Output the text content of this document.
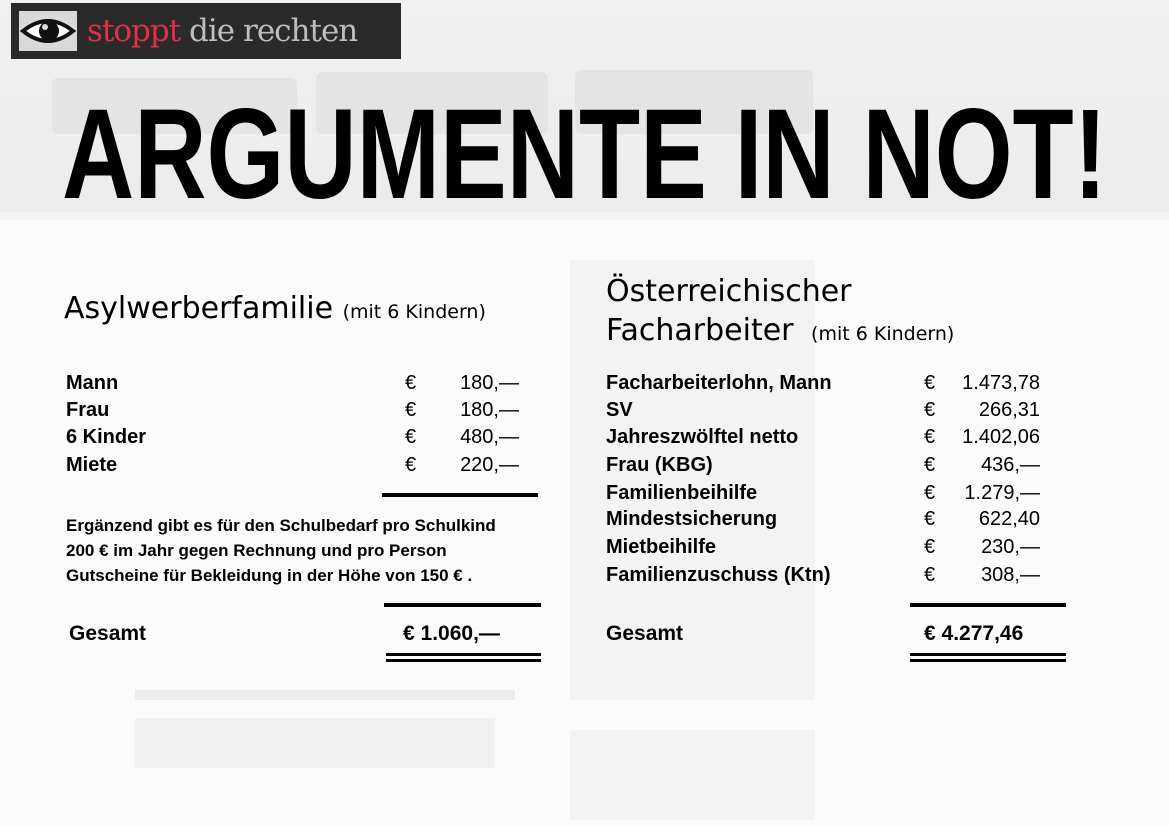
stoppt die rechten
ARGUMENTE IN NOT!
Asylwerberfamilie (mit 6 Kindern)
Mann
Frau
6 Kinder
Miete
€ 180,—
€ 180,—
€ 480,—
€ 220,—
Ergänzend gibt es für den Schulbedarf pro Schulkind
200 € im Jahr gegen Rechnung und pro Person
Gutscheine für Bekleidung in der Höhe von 150 € .
Gesamt	€ 1.060,—
Österreichischer
Facharbeiter (mit 6 Kindern)
Facharbeiterlohn, Mann
SV
Jahreszwölftel netto
Frau (KBG)
Familienbeihilfe
Mindestsicherung
Mietbeihilfe
Familienzuschuss (Ktn)
€ 1.473,78
€ 266,31
€ 1.402,06
€ 436,—
€ 1.279,—
€ 622,40
€ 230,—
€ 308,—
Gesamt	€ 4.277,46
